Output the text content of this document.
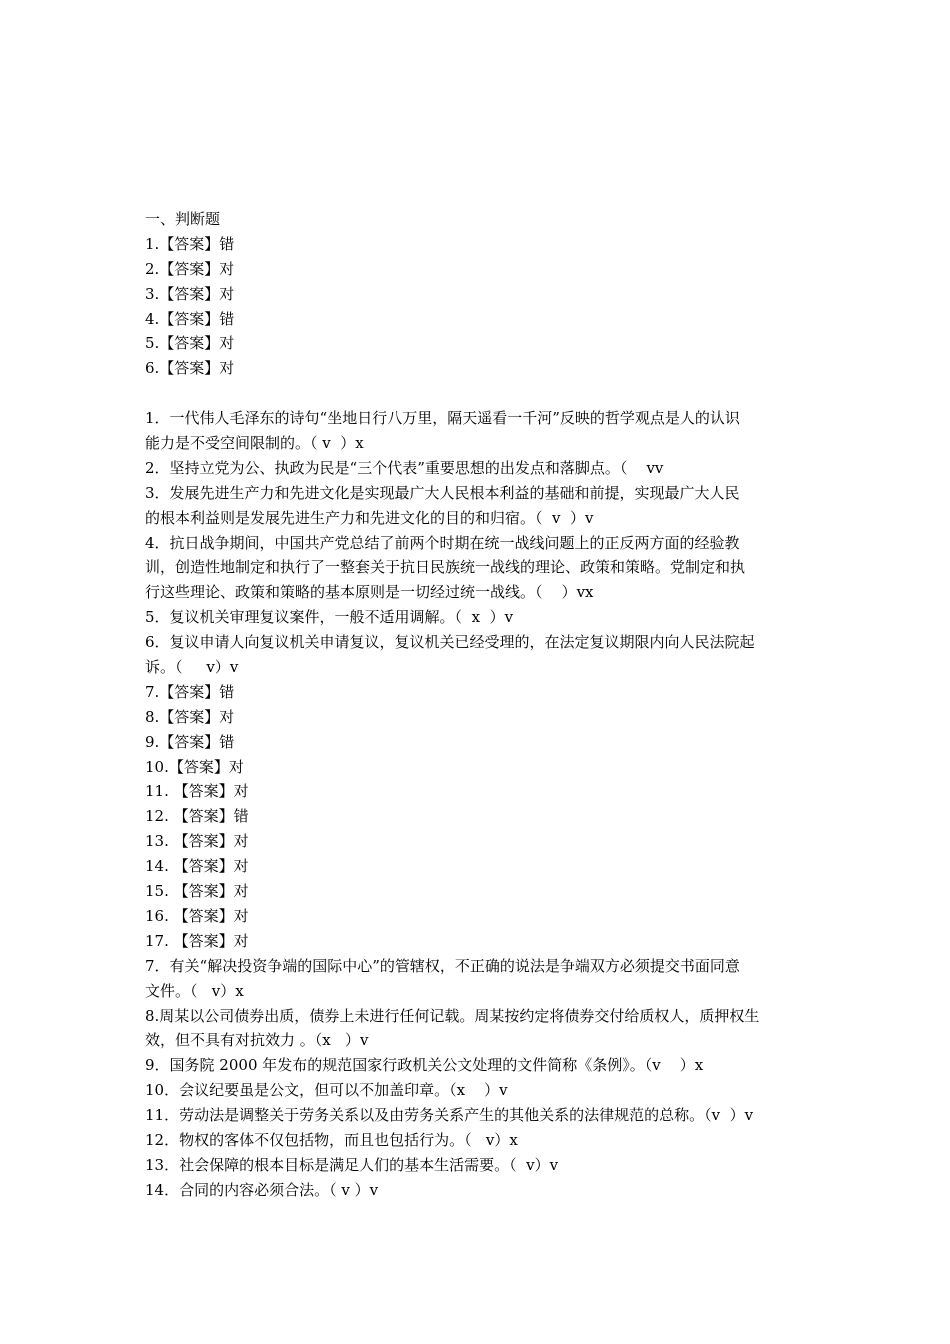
一、判断题
1.【答案】错
2.【答案】对
3.【答案】对
4.【答案】错
5.【答案】对
6.【答案】对
1．一代伟人毛泽东的诗句“坐地日行八万里，隔天遥看一千河”反映的哲学观点是人的认识
能力是不受空间限制的。（ v  ）x
2．坚持立党为公、执政为民是“三个代表”重要思想的出发点和落脚点。（    vv
3．发展先进生产力和先进文化是实现最广大人民根本利益的基础和前提，实现最广大人民
的根本利益则是发展先进生产力和先进文化的目的和归宿。（  v  ）v
4．抗日战争期间，中国共产党总结了前两个时期在统一战线问题上的正反两方面的经验教
训，创造性地制定和执行了一整套关于抗日民族统一战线的理论、政策和策略。党制定和执
行这些理论、政策和策略的基本原则是一切经过统一战线。（    ）vx
5．复议机关审理复议案件，一般不适用调解。（  x  ）v
6．复议申请人向复议机关申请复议，复议机关已经受理的，在法定复议期限内向人民法院起
诉。（     v）v
7.【答案】错
8.【答案】对
9.【答案】错
10.【答案】对
11. 【答案】对
12. 【答案】错
13. 【答案】对
14. 【答案】对
15. 【答案】对
16. 【答案】对
17. 【答案】对
7．有关“解决投资争端的国际中心”的管辖权，不正确的说法是争端双方必须提交书面同意
文件。（   v）x
8.周某以公司债券出质，债券上未进行任何记载。周某按约定将债券交付给质权人，质押权生
效，但不具有对抗效力 。（x   ）v
9．国务院 2000 年发布的规范国家行政机关公文处理的文件简称《条例》。（v    ）x
10．会议纪要虽是公文，但可以不加盖印章。（x    ）v
11．劳动法是调整关于劳务关系以及由劳务关系产生的其他关系的法律规范的总称。（v  ）v
12．物权的客体不仅包括物，而且也包括行为。（   v）x
13．社会保障的根本目标是满足人们的基本生活需要。（  v）v
14．合同的内容必须合法。（ v ）v
